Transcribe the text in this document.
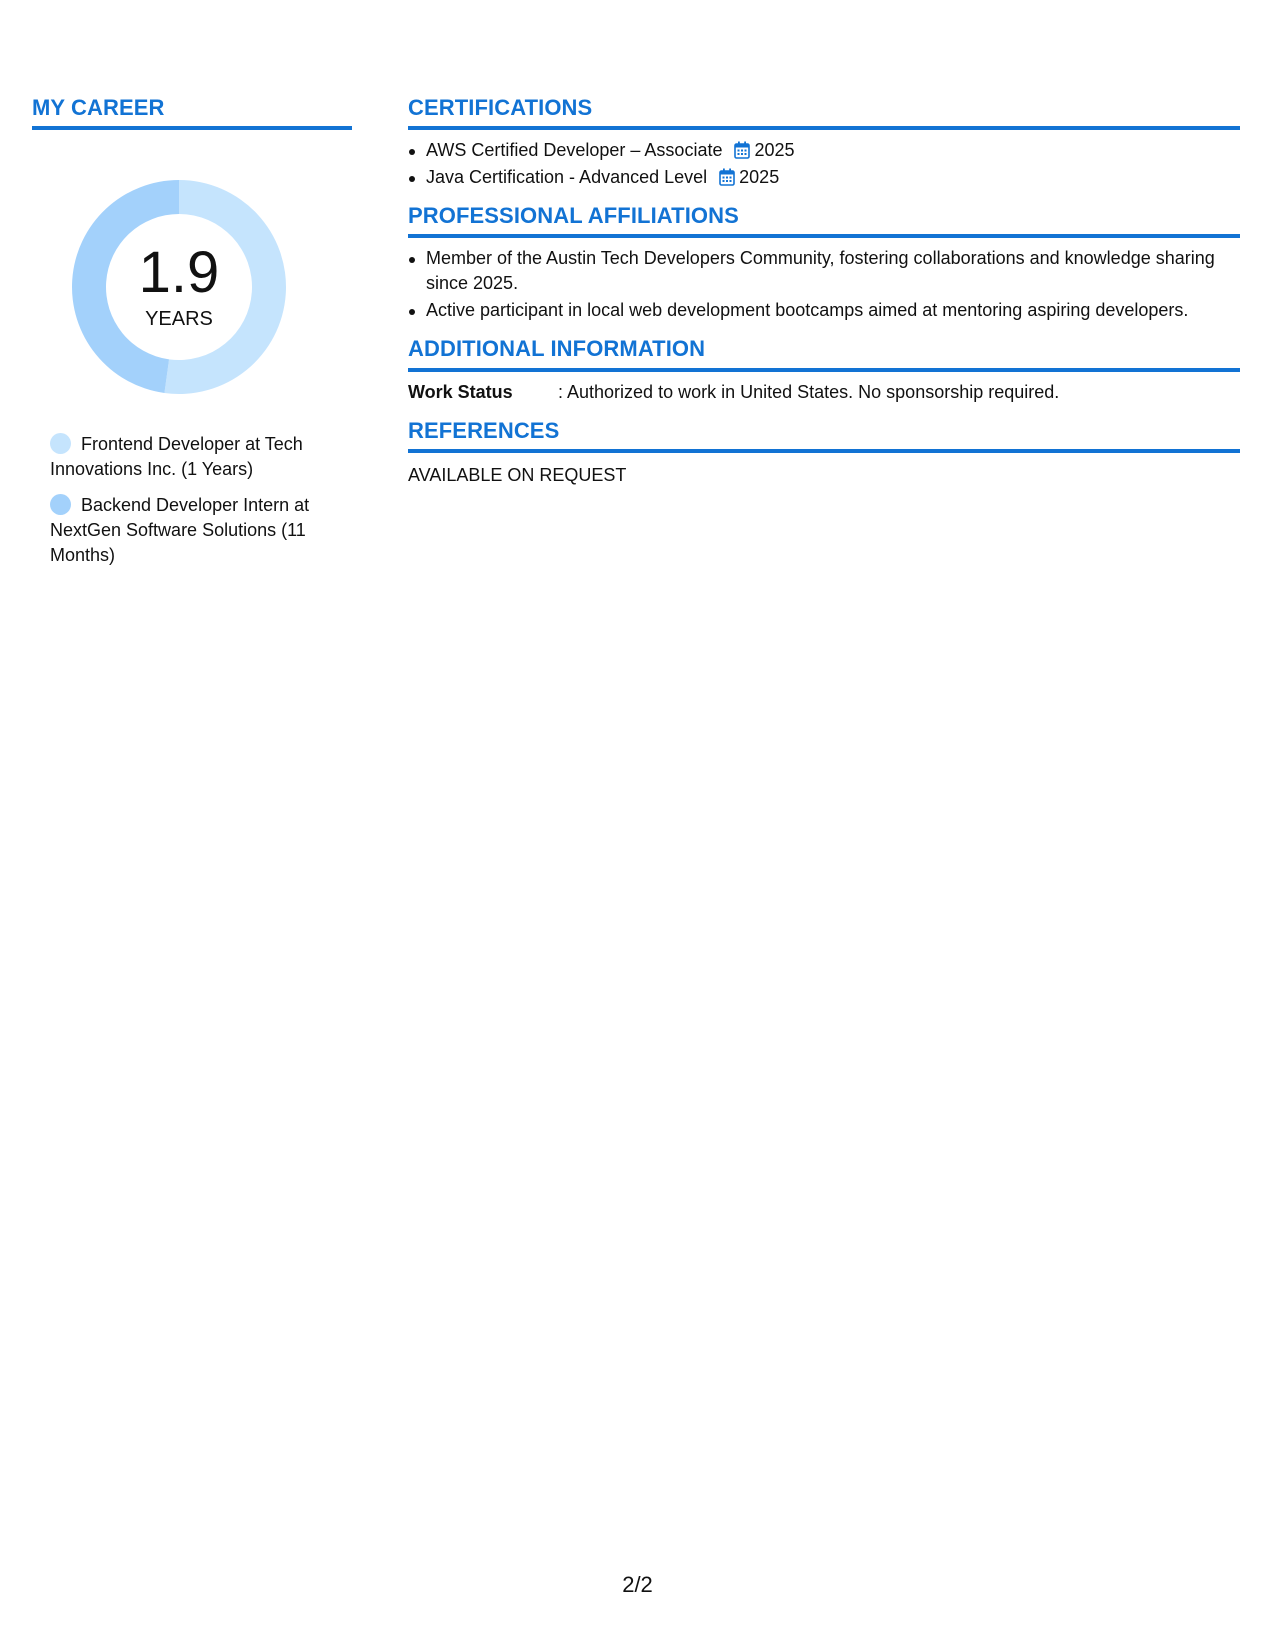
MY CAREER
1.9
YEARS
Frontend Developer at Tech Innovations Inc. (1 Years)
Backend Developer Intern at NextGen Software Solutions (11 Months)
CERTIFICATIONS
AWS Certified Developer – Associate 2025
Java Certification - Advanced Level 2025
PROFESSIONAL AFFILIATIONS
Member of the Austin Tech Developers Community, fostering collaborations and knowledge sharing since 2025.
Active participant in local web development bootcamps aimed at mentoring aspiring developers.
ADDITIONAL INFORMATION
Work Status	: Authorized to work in United States. No sponsorship required.
REFERENCES
AVAILABLE ON REQUEST
2/2
